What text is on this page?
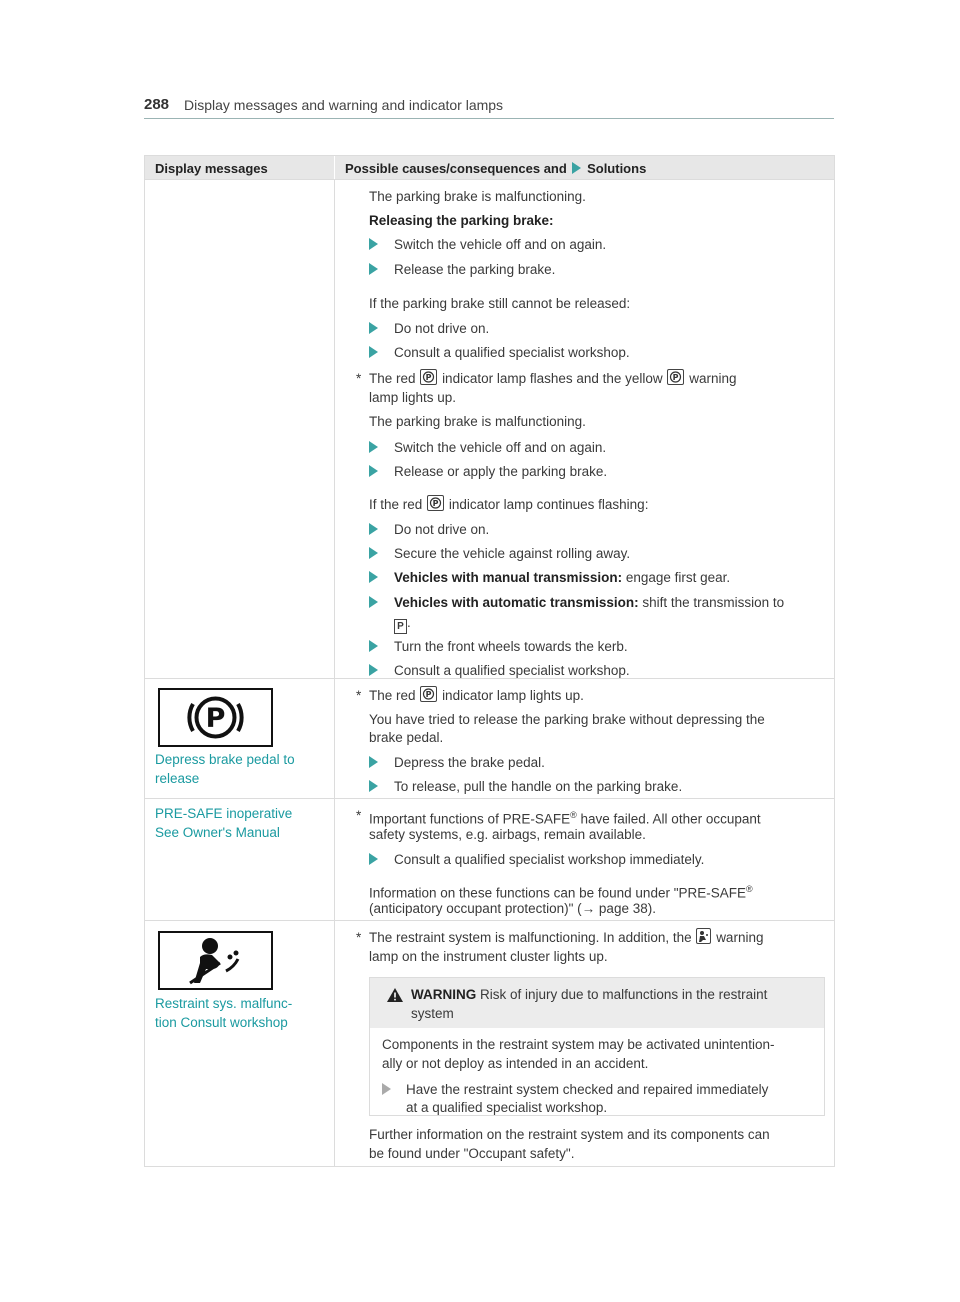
288 Display messages and warning and indicator lamps
Display messages	Possible causes/consequences and Solutions
The parking brake is malfunctioning.
Releasing the parking brake:
Switch the vehicle off and on again.
Release the parking brake.
If the parking brake still cannot be released:
Do not drive on.
Consult a qualified specialist workshop.
* The red P indicator lamp flashes and the yellow P warning
lamp lights up.
The parking brake is malfunctioning.
Switch the vehicle off and on again.
Release or apply the parking brake.
If the red P indicator lamp continues flashing:
Do not drive on.
Secure the vehicle against rolling away.
Vehicles with manual transmission: engage first gear.
Vehicles with automatic transmission: shift the transmission to
P .
Turn the front wheels towards the kerb.
Consult a qualified specialist workshop.
P
Depress brake pedal to
release
* The red P indicator lamp lights up.
You have tried to release the parking brake without depressing the
brake pedal.
Depress the brake pedal.
To release, pull the handle on the parking brake.
PRE-SAFE inoperative
See Owner's Manual
* Important functions of PRE-SAFE® have failed. All other occupant
safety systems, e.g. airbags, remain available.
Consult a qualified specialist workshop immediately.
Information on these functions can be found under "PRE-SAFE®
(anticipatory occupant protection)" (→ page 38).
Restraint sys. malfunc-
tion Consult workshop
* The restraint system is malfunctioning. In addition, the warning
lamp on the instrument cluster lights up.
WARNING Risk of injury due to malfunctions in the restraint
system
Components in the restraint system may be activated unintention-
ally or not deploy as intended in an accident.
Have the restraint system checked and repaired immediately
at a qualified specialist workshop.
Further information on the restraint system and its components can
be found under "Occupant safety".
